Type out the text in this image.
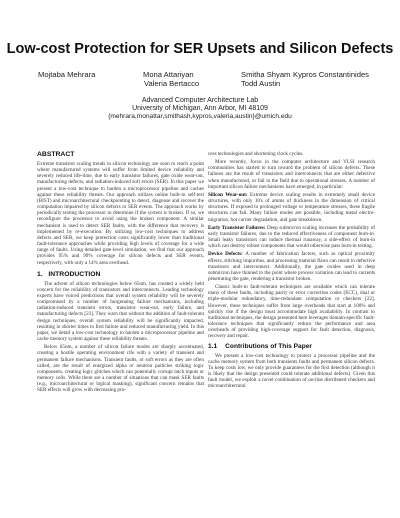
Low-cost Protection for SER Upsets and Silicon Defects
Mojtaba Mehrara	Mona Attariyan	Smitha Shyam Kypros Constantinides
Valeria Bertacco	Todd Austin
Advanced Computer Architecture Lab
University of Michigan, Ann Arbor, MI 48109
{mehrara,monattar,smithash,kypros,valeria,austin}@umich.edu
ABSTRACT

Extreme transistor scaling trends in silicon technology are soon to reach a point where manufactured systems will suffer from limited device reliability and severely reduced life-time, due to early transistor failures, gate oxide wear-out, manufacturing defects, and radiation-induced soft errors (SER). In this paper we present a low-cost technique to harden a microprocessor pipeline and caches against these reliability threats. Our approach utilizes online built-in self-test (BIST) and microarchitectural checkpointing to detect, diagnose and recover the computation impaired by silicon defects or SER events. The approach works by periodically testing the processor to determine if the system is broken. If so, we reconfigure the processor to avoid using the broken component. A similar mechanism is used to detect SER faults, with the difference that recovery is implemented by re-execution. By utilizing low-cost techniques to address defects and SER, we keep protection costs significantly lower than traditional fault-tolerance approaches while providing high levels of coverage for a wide range of faults. Using detailed gate-level simulation, we find that our approach provides 95% and 99% coverage for silicon defects and SER events, respectively, with only a 14% area overhead.

1. INTRODUCTION

The advent of silicon technologies below 65nm, has created a widely held concern for the reliability of transistors and interconnects. Leading technology experts have voiced predictions that overall system reliability will be severely compromised by a number of burgeoning failure mechanisms, including radiation-induced transient errors, transistor wear-out, early failure, and manufacturing defects [23]. They warn that without the addition of fault-tolerant design techniques, overall system reliability will be significantly impacted, resulting in shorter times to first failure and reduced manufacturing yield. In this paper, we detail a low-cost technology to harden a microprocessor pipeline and cache memory system against these reliability threats.

Below 65nm, a number of silicon failure modes are sharply accentuated, creating a hostile operating environment rife with a variety of transient and permanent failure mechanisms. Transient faults, or soft errors as they are often called, are the result of energized alpha or neutron particles striking logic components, creating logic glitches which can potentially corrupt latch inputs or memory cells. While there are a number of situations that can mask SER faults (e.g., microarchitectural or logical masking), significant concern remains that SER effects will grow with decreasing pro-

cess technologies and shortening clock cycles.

More recently, focus in the computer architecture and VLSI research communities has started to turn toward the problem of silicon defects. These failures are the result of transistors and interconnects that are either defective when manufactured, or fail in the field due to operational stresses. A number of important silicon failure mechanisms have emerged, in particular:

Silicon Wear-out: Extreme device scaling results in extremely small device structures, with only 10's of atoms of thickness in the dimension of critical structures. If exposed to prolonged voltage or temperature stresses, these fragile structures can fail. Many failure modes are possible, including metal electro-migration, hot carrier degradation, and gate breakdown.

Early Transistor Failures: Deep submicron scaling increases the probability of early transistor failures, due to the reduced effectiveness of component burn-in. Small leaky transistors can induce thermal runaway, a side-effect of burn-in which can destroy robust components that would otherwise pass burn-in testing.

Device Defects: A number of fabrication factors, such as optical proximity effects, stitching impurities, and processing material flaws can result in defective transistors and interconnect. Additionally, the gate oxides used in deep submicron have thinned to the point where process variation can lead to currents penetrating the gate, rendering a transistor broken.

Classic built-in fault-tolerant techniques are available which can tolerate many of these faults, including parity or error correction codes (ECC), dual or triple-modular redundancy, time-redundant computation or checkers [22]. However, these techniques suffer from large overheads that start at 100% and quickly rise if the design must accommodate high availability. In contrast to traditional techniques, the design presented here leverages domain-specific fault-tolerance techniques that significantly reduce the performance and area overheads of providing high-coverage support for fault detection, diagnosis, recovery and repair.

1.1 Contributions of This Paper

We present a low-cost technology to protect a processor pipeline and the cache memory system from both transients faults and permanent silicon defects. To keep costs low, we only provide guarantees for the first detection (although it is likely that the design presented could tolerate additional defects). Given this fault model, we exploit a novel combination of on-line distributed checkers and microarchitectural
